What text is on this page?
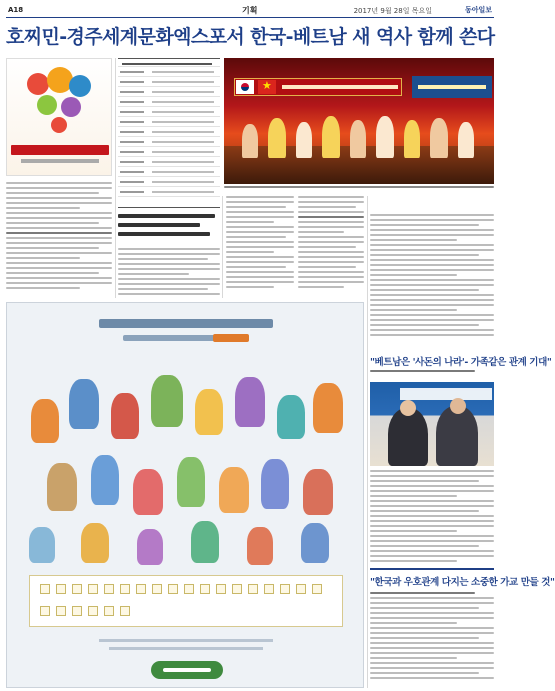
A18	기획	2017년 9월 28일 목요일	동아일보
호찌민-경주세계문화엑스포서 한국-베트남 새 역사 함께 쓴다
★
"베트남은 '사돈의 나라'- 가족같은 관계 기대"
"한국과 우호관계 다지는 소중한 가교 만들 것"
